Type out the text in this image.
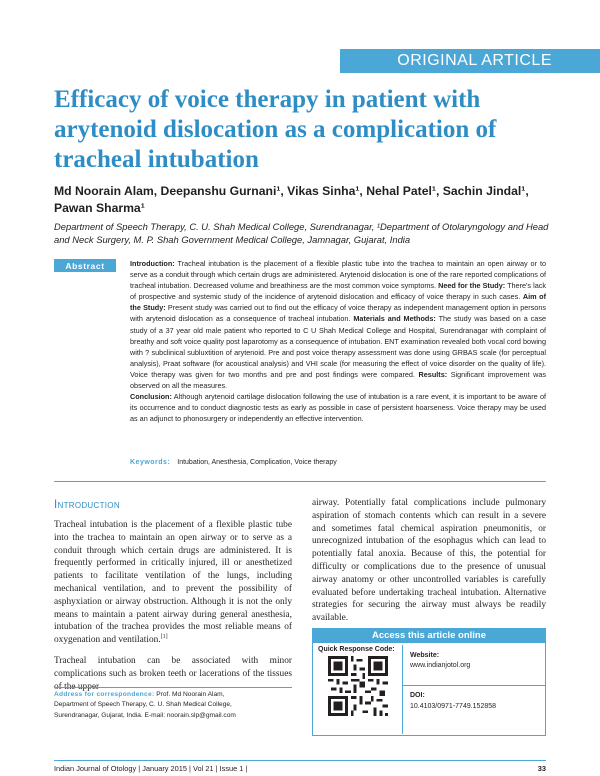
ORIGINAL ARTICLE
Efficacy of voice therapy in patient with arytenoid dislocation as a complication of tracheal intubation
Md Noorain Alam, Deepanshu Gurnani¹, Vikas Sinha¹, Nehal Patel¹, Sachin Jindal¹,
Pawan Sharma¹
Department of Speech Therapy, C. U. Shah Medical College, Surendranagar, ¹Department of Otolaryngology and Head and Neck Surgery, M. P. Shah Government Medical College, Jamnagar, Gujarat, India
Abstract	Introduction: Tracheal intubation is the placement of a flexible plastic tube into the trachea to maintain an open airway or to serve as a conduit through which certain drugs are administered. Arytenoid dislocation is one of the rare reported complications of tracheal intubation. Decreased volume and breathiness are the most common voice symptoms. Need for the Study: There's lack of prospective and systemic study of the incidence of arytenoid dislocation and efficacy of voice therapy in such cases. Aim of the Study: Present study was carried out to find out the efficacy of voice therapy as independent management option in persons with arytenoid dislocation as a consequence of tracheal intubation. Materials and Methods: The study was based on a case study of a 37 year old male patient who reported to C U Shah Medical College and Hospital, Surendranagar with complaint of breathy and soft voice quality post laparotomy as a consequence of intubation. ENT examination revealed both vocal cord bowing with ? subclinical subluxtition of arytenoid. Pre and post voice therapy assessment was done using GRBAS scale (for perceptual analysis), Praat software (for acoustical analysis) and VHI scale (for measuring the effect of voice disorder on the quality of life). Voice therapy was given for two months and pre and post findings were compared. Results: Significant improvement was observed on all the measures.
Conclusion: Although arytenoid cartilage dislocation following the use of intubation is a rare event, it is important to be aware of its occurrence and to conduct diagnostic tests as early as possible in case of persistent hoarseness. Voice therapy may be used as an adjunct to phonosurgery or independently an effective intervention.
Keywords: Intubation, Anesthesia, Complication, Voice therapy
Introduction

Tracheal intubation is the placement of a flexible plastic tube into the trachea to maintain an open airway or to serve as a conduit through which certain drugs are administered. It is frequently performed in critically injured, ill or anesthetized patients to facilitate ventilation of the lungs, including mechanical ventilation, and to prevent the possibility of asphyxiation or airway obstruction. Although it is not the only means to maintain a patent airway during general anesthesia, intubation of the trachea provides the most reliable means of oxygenation and ventilation.[1]

Tracheal intubation can be associated with minor complications such as broken teeth or lacerations of the tissues

airway. Potentially fatal complications include pulmonary aspiration of stomach contents which can result in a severe and sometimes fatal chemical aspiration pneumonitis, or unrecognized intubation of the esophagus which can lead to potentially fatal anoxia. Because of this, the potential for difficulty or complications due to the presence of unusual airway anatomy or other uncontrolled variables is carefully evaluated before undertaking tracheal intubation. Alternative strategies for securing the airway must always be readily available.
Access this article online
Quick Response Code:
Website:
www.indianjotol.org
DOI:
10.4103/0971-7749.152858
Address for correspondence: Prof. Md Noorain Alam,
Department of Speech Therapy, C. U. Shah Medical College,
Surendranagar, Gujarat, India. E-mail: noorain.slp@gmail.com
Indian Journal of Otology | January 2015 | Vol 21 | Issue 1 |	33
